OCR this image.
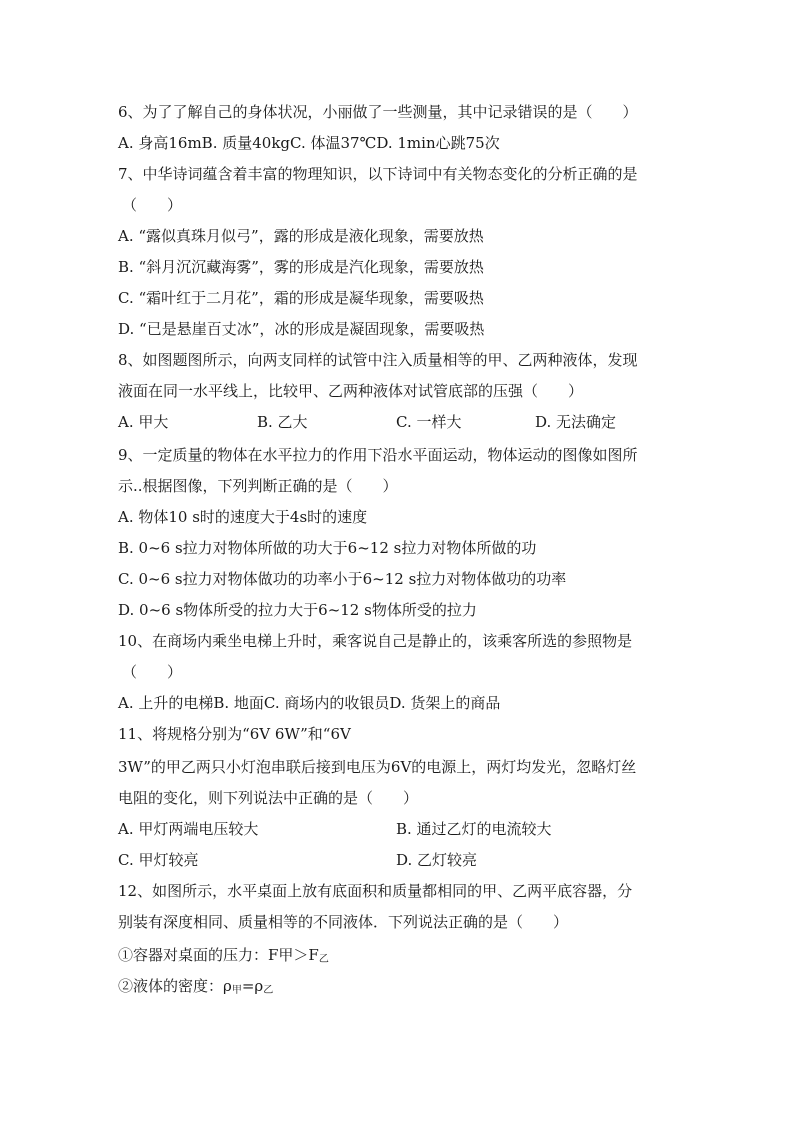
6、为了了解自己的身体状况，小丽做了一些测量，其中记录错误的是（　　）
A. 身高16mB. 质量40kgC. 体温37℃D. 1min心跳75次
7、中华诗词蕴含着丰富的物理知识，以下诗词中有关物态变化的分析正确的是
（　　）
A. “露似真珠月似弓”，露的形成是液化现象，需要放热
B. “斜月沉沉藏海雾”，雾的形成是汽化现象，需要放热
C. “霜叶红于二月花”，霜的形成是凝华现象，需要吸热
D. “已是悬崖百丈冰”，冰的形成是凝固现象，需要吸热
8、如图题图所示，向两支同样的试管中注入质量相等的甲、乙两种液体，发现
液面在同一水平线上，比较甲、乙两种液体对试管底部的压强（　　）
A. 甲大	B. 乙大	C. 一样大	D. 无法确定
9、一定质量的物体在水平拉力的作用下沿水平面运动，物体运动的图像如图所
示..根据图像，下列判断正确的是（　　）
A. 物体10 s时的速度大于4s时的速度
B. 0~6 s拉力对物体所做的功大于6~12 s拉力对物体所做的功
C. 0~6 s拉力对物体做功的功率小于6~12 s拉力对物体做功的功率
D. 0~6 s物体所受的拉力大于6~12 s物体所受的拉力
10、在商场内乘坐电梯上升时，乘客说自己是静止的，该乘客所选的参照物是
（　　）
A. 上升的电梯B. 地面C. 商场内的收银员D. 货架上的商品
11、将规格分别为“6V 6W”和“6V
3W”的甲乙两只小灯泡串联后接到电压为6V的电源上，两灯均发光，忽略灯丝
电阻的变化，则下列说法中正确的是（　　）
A. 甲灯两端电压较大	B. 通过乙灯的电流较大
C. 甲灯较亮	D. 乙灯较亮
12、如图所示，水平桌面上放有底面积和质量都相同的甲、乙两平底容器，分
别装有深度相同、质量相等的不同液体．下列说法正确的是（　　）
①容器对桌面的压力：F甲$>F_乙$
②液体的密度：$\rho_甲=\rho_乙$
